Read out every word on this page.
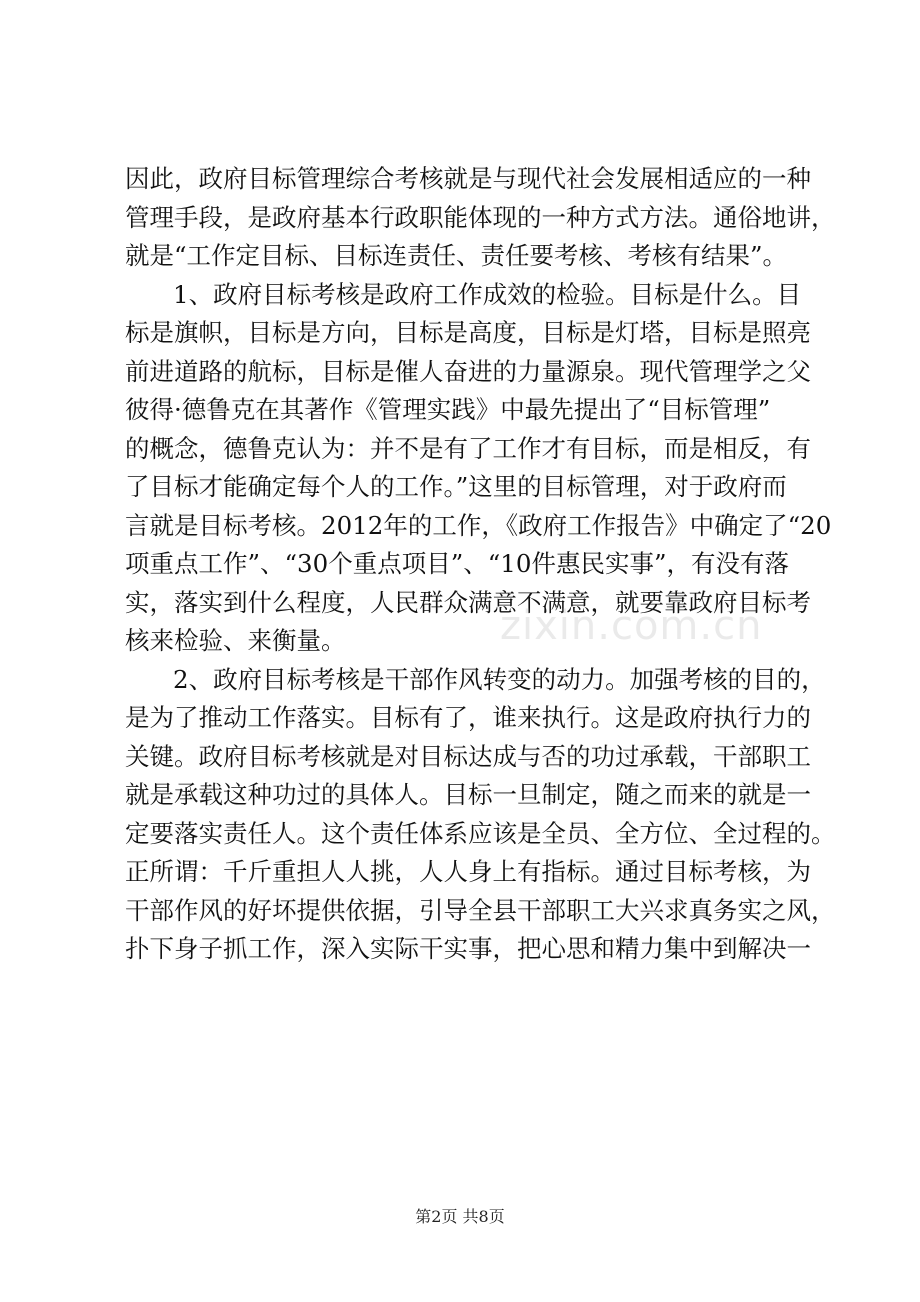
因此，政府目标管理综合考核就是与现代社会发展相适应的一种
管理手段，是政府基本行政职能体现的一种方式方法。通俗地讲，
就是“工作定目标、目标连责任、责任要考核、考核有结果”。
1、政府目标考核是政府工作成效的检验。目标是什么。目
标是旗帜，目标是方向，目标是高度，目标是灯塔，目标是照亮
前进道路的航标，目标是催人奋进的力量源泉。现代管理学之父
彼得·德鲁克在其著作《管理实践》中最先提出了“目标管理”
的概念，德鲁克认为：并不是有了工作才有目标，而是相反，有
了目标才能确定每个人的工作。”这里的目标管理，对于政府而
言就是目标考核。2012年的工作，《政府工作报告》中确定了“20
项重点工作”、“30个重点项目”、“10件惠民实事”，有没有落
实，落实到什么程度，人民群众满意不满意，就要靠政府目标考
核来检验、来衡量。
2、政府目标考核是干部作风转变的动力。加强考核的目的，
是为了推动工作落实。目标有了，谁来执行。这是政府执行力的
关键。政府目标考核就是对目标达成与否的功过承载，干部职工
就是承载这种功过的具体人。目标一旦制定，随之而来的就是一
定要落实责任人。这个责任体系应该是全员、全方位、全过程的。
正所谓：千斤重担人人挑，人人身上有指标。通过目标考核，为
干部作风的好坏提供依据，引导全县干部职工大兴求真务实之风，
扑下身子抓工作，深入实际干实事，把心思和精力集中到解决一
zixin.com.cn
第2页 共8页
